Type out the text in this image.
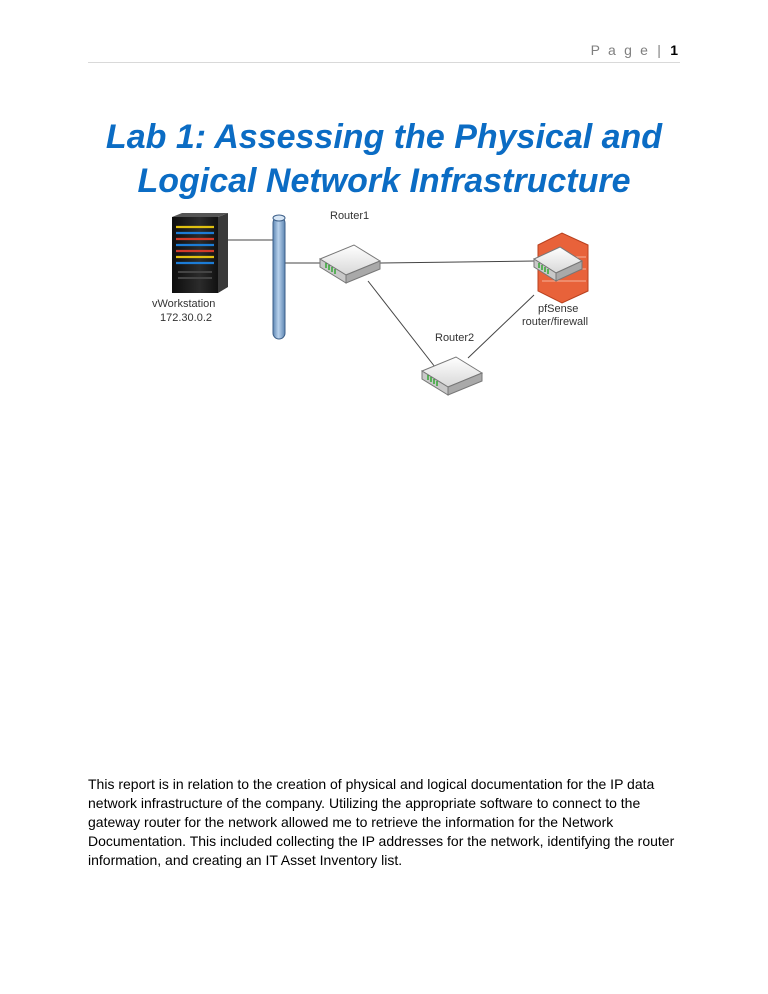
P a g e | 1
Lab 1: Assessing the Physical and
Logical Network Infrastructure
vWorkstation
172.30.0.2
Router1
pfSense
router/firewall
Router2

This report is in relation to the creation of physical and logical documentation for the IP data network infrastructure of the company. Utilizing the appropriate software to connect to the gateway router for the network allowed me to retrieve the information for the Network Documentation. This included collecting the IP addresses for the network, identifying the router information, and creating an IT Asset Inventory list.
